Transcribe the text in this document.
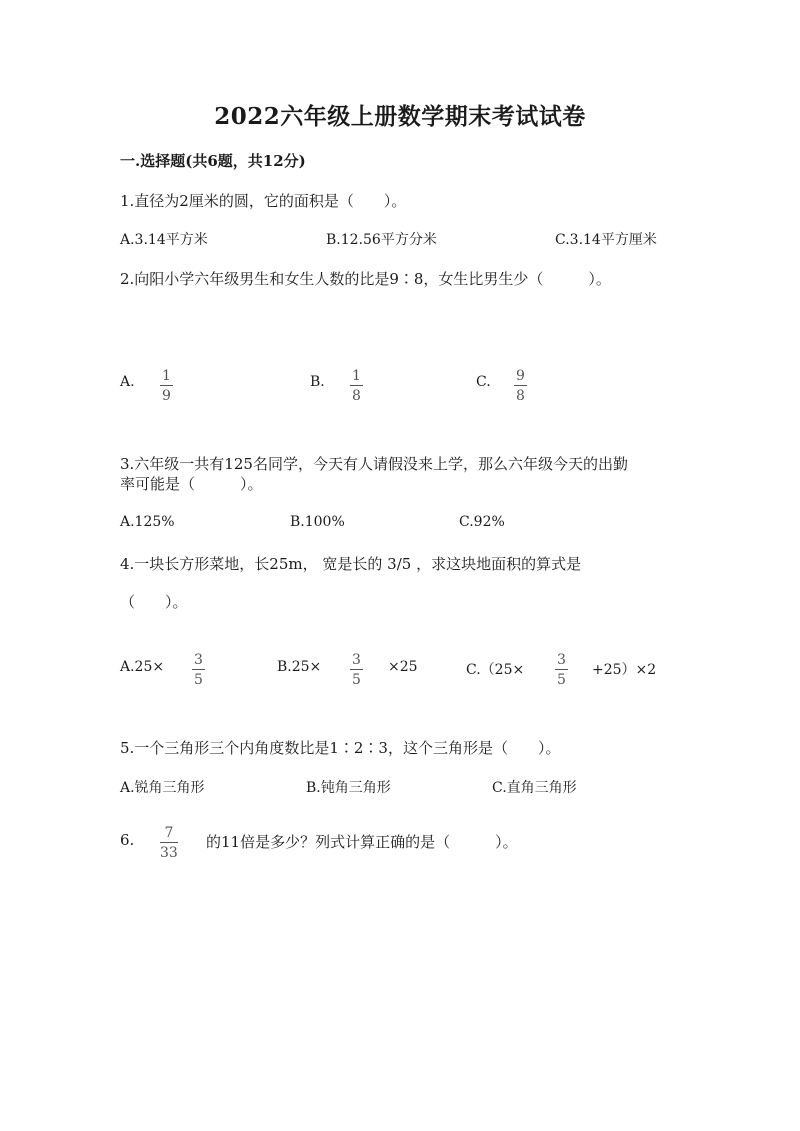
2022六年级上册数学期末考试试卷
一.选择题(共6题，共12分)
1.直径为2厘米的圆，它的面积是（　　）。
A.3.14平方米	B.12.56平方分米	C.3.14平方厘米
2.向阳小学六年级男生和女生人数的比是9∶8，女生比男生少（　　　）。
A. 1
9
B. 1
8
C. 9
8
3.六年级一共有125名同学，今天有人请假没来上学，那么六年级今天的出勤
率可能是（　　　）。
A.125%	B.100%	C.92%
4.一块长方形菜地，长25m， 宽是长的 3/5 ，求这块地面积的算式是
（　　）。
A.25× 3
5
B.25× 3
5
×25	C.（25×
3
5
+25）×2
5.一个三角形三个内角度数比是1∶2∶3，这个三角形是（　　）。
A.锐角三角形	B.钝角三角形	C.直角三角形
6. 7
33
的11倍是多少？列式计算正确的是（　　　）。
